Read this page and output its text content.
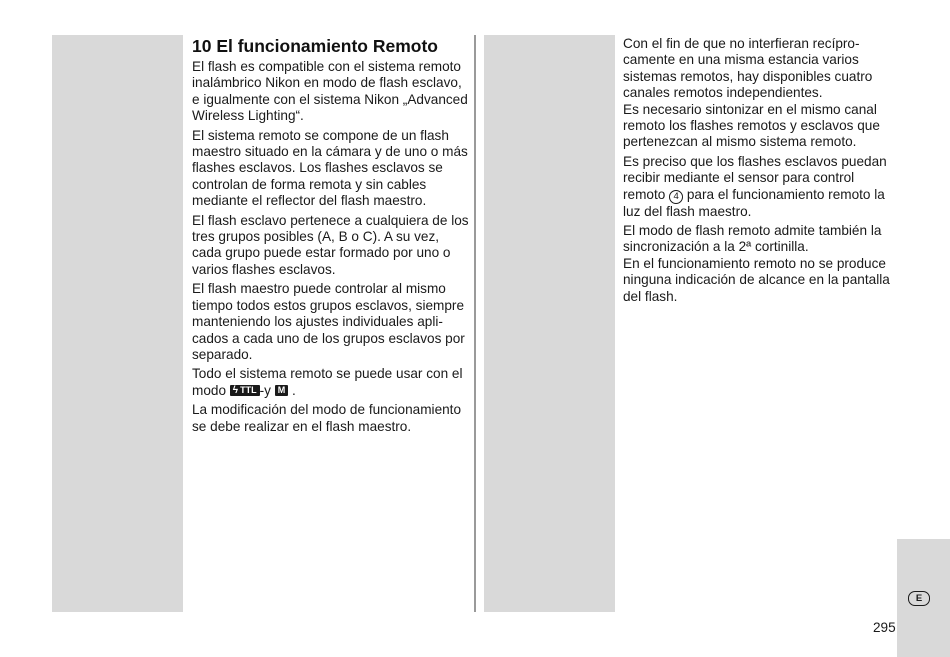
10 El funcionamiento Remoto

El flash es compatible con el sistema remoto inalámbrico Nikon en modo de flash esclavo, e igualmente con el sistema Nikon „Advanced Wireless Lighting“.

El sistema remoto se compone de un flash maestro situado en la cámara y de uno o más flashes esclavos. Los flashes esclavos se controlan de forma remota y sin cables mediante el reflector del flash maestro.

El flash esclavo pertenece a cualquiera de los tres grupos posibles (A, B o C). A su vez, cada grupo puede estar formado por uno o varios flashes esclavos.

El flash maestro puede controlar al mismo tiempo todos estos grupos esclavos, siempre manteniendo los ajustes individuales apli-cados a cada uno de los grupos esclavos por separado.

Todo el sistema remoto se puede usar con el modo ϟ TTL -y M .

La modificación del modo de funcionamiento se debe realizar en el flash maestro.

Con el fin de que no interfieran recípro-camente en una misma estancia varios sistemas remotos, hay disponibles cuatro canales remotos independientes.

Es necesario sintonizar en el mismo canal remoto los flashes remotos y esclavos que pertenezcan al mismo sistema remoto.

Es preciso que los flashes esclavos puedan recibir mediante el sensor para control remoto 4 para el funcionamiento remoto la luz del flash maestro.

El modo de flash remoto admite también la sincronización a la 2ª cortinilla.

En el funcionamiento remoto no se produce ninguna indicación de alcance en la pantalla del flash.

E
295
